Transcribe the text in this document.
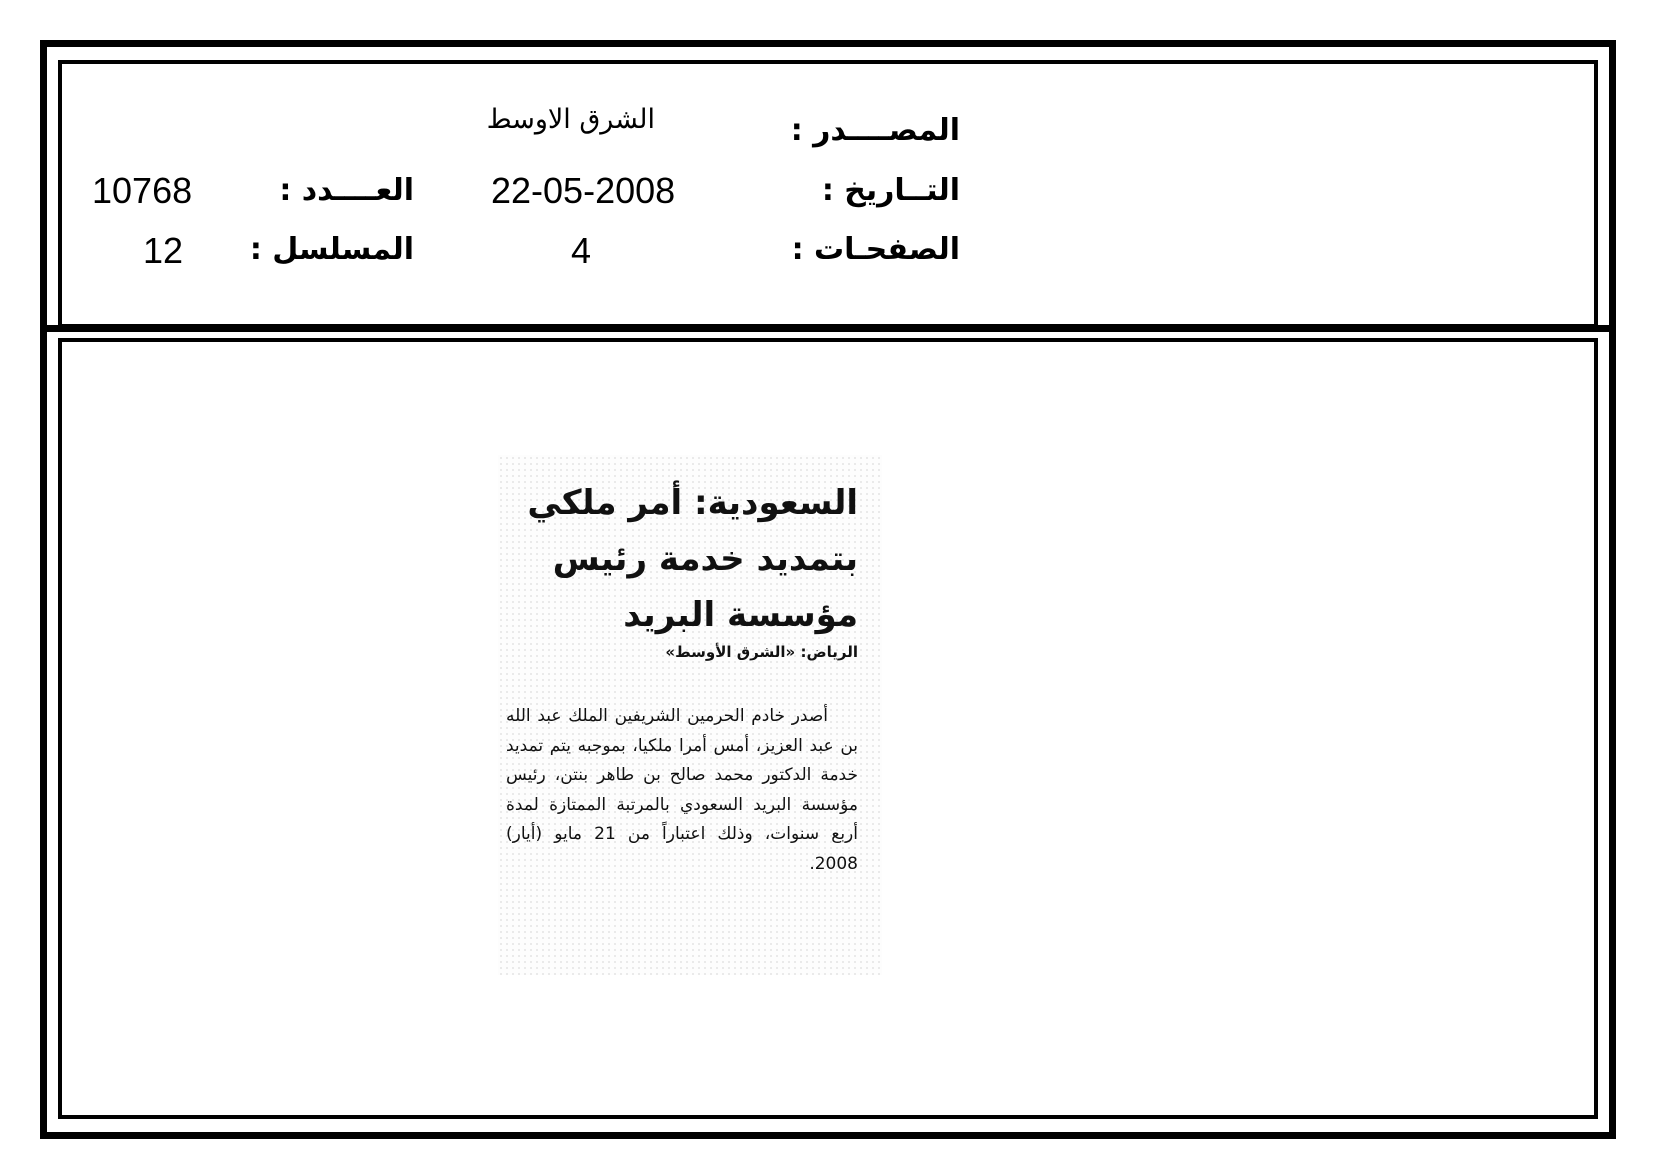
المصــــدر :
الشرق الاوسط
التــاريخ :
22-05-2008
العــــدد :
10768
الصفحـات :
4
المسلسل :
12
السعودية: أمر ملكي بتمديد خدمة رئيس مؤسسة البريد
الرياض: «الشرق الأوسط»

أصدر خادم الحرمين الشريفين الملك عبد الله بن عبد العزيز، أمس أمرا ملكيا، بموجبه يتم تمديد خدمة الدكتور محمد صالح بن طاهر بنتن، رئيس مؤسسة البريد السعودي بالمرتبة الممتازة لمدة أربع سنوات، وذلك اعتباراً من 21 مايو (أيار) 2008.
